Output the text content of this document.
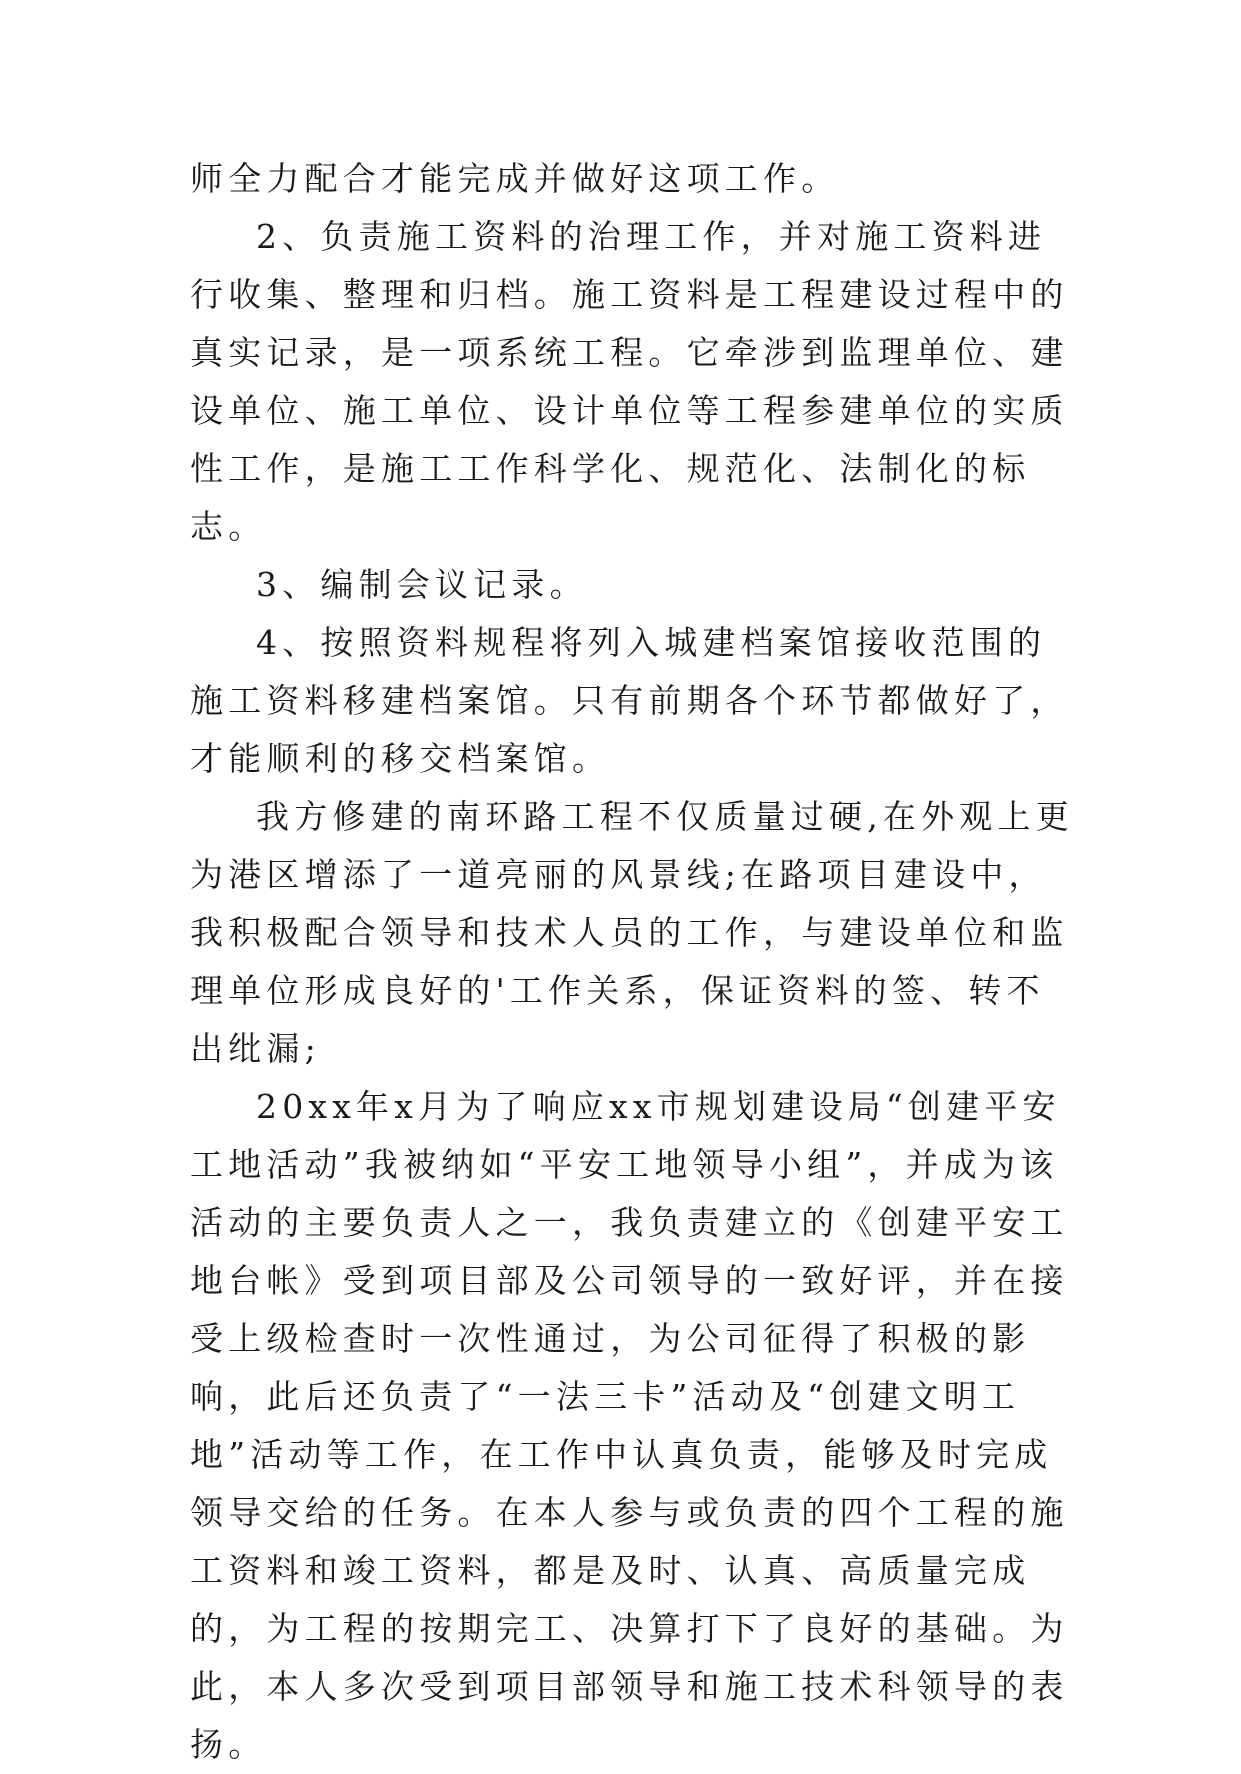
师全力配合才能完成并做好这项工作。

2、负责施工资料的治理工作，并对施工资料进行收集、整理和归档。施工资料是工程建设过程中的真实记录，是一项系统工程。它牵涉到监理单位、建设单位、施工单位、设计单位等工程参建单位的实质性工作，是施工工作科学化、规范化、法制化的标志。

3、编制会议记录。

4、按照资料规程将列入城建档案馆接收范围的施工资料移建档案馆。只有前期各个环节都做好了，才能顺利的移交档案馆。

我方修建的南环路工程不仅质量过硬,在外观上更为港区增添了一道亮丽的风景线;在路项目建设中，我积极配合领导和技术人员的工作，与建设单位和监理单位形成良好的'工作关系，保证资料的签、转不出纰漏;

20xx年x月为了响应xx市规划建设局“创建平安工地活动”我被纳如“平安工地领导小组”，并成为该活动的主要负责人之一，我负责建立的《创建平安工地台帐》受到项目部及公司领导的一致好评，并在接受上级检查时一次性通过，为公司征得了积极的影响，此后还负责了“一法三卡”活动及“创建文明工地”活动等工作，在工作中认真负责，能够及时完成领导交给的任务。在本人参与或负责的四个工程的施工资料和竣工资料，都是及时、认真、高质量完成的，为工程的按期完工、决算打下了良好的基础。为此，本人多次受到项目部领导和施工技术科领导的表扬。
